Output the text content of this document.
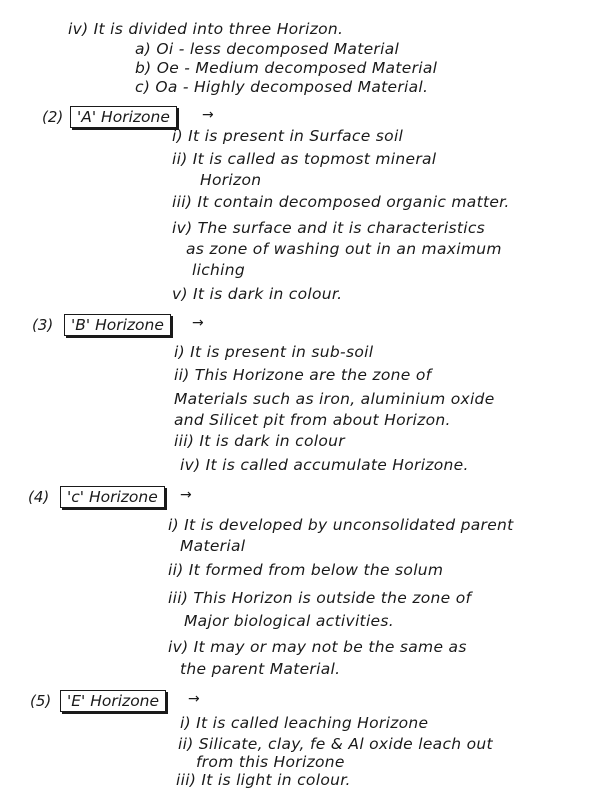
iv) It is divided into three Horizon.
a) Oi - less decomposed Material
b) Oe - Medium decomposed Material
c) Oa - Highly decomposed Material.
(2) 'A' Horizone	→
i) It is present in Surface soil
ii) It is called as topmost mineral
Horizon
iii) It contain decomposed organic matter.
iv) The surface and it is characteristics
as zone of washing out in an maximum
liching
v) It is dark in colour.
(3)	'B' Horizone	→
i) It is present in sub-soil
ii) This Horizone are the zone of
Materials such as iron, aluminium oxide
and Silicet pit from about Horizon.
iii) It is dark in colour
iv) It is called accumulate Horizone.
(4)	'c' Horizone	→
i) It is developed by unconsolidated parent
Material
ii) It formed from below the solum
iii) This Horizon is outside the zone of
Major biological activities.
iv) It may or may not be the same as
the parent Material.
(5)	'E' Horizone	→
i) It is called leaching Horizone
ii) Silicate, clay, fe & Al oxide leach out
from this Horizone
iii) It is light in colour.
